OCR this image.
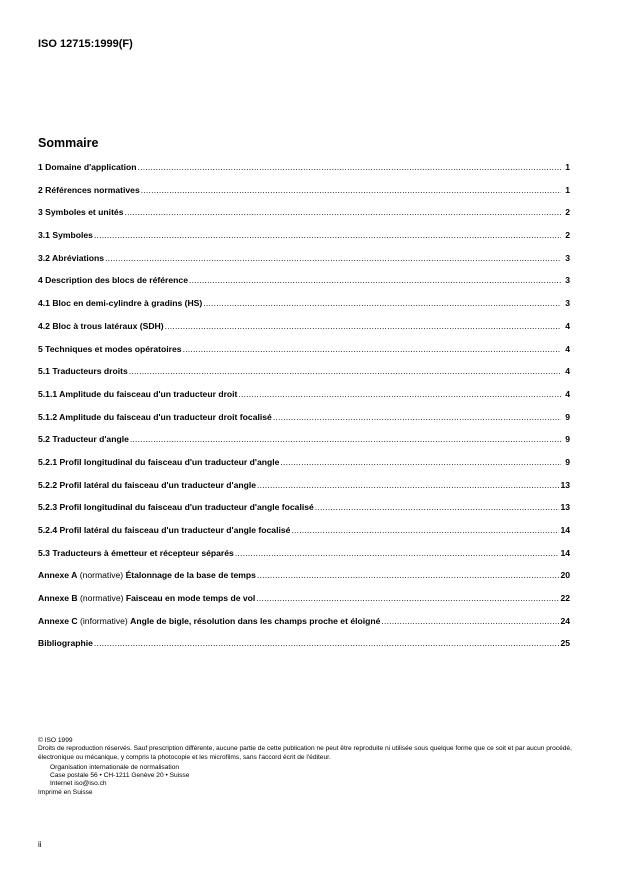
ISO 12715:1999(F)
Sommaire
1 Domaine d'application .....	1
2 Références normatives .....	1
3 Symboles et unités .....	2
3.1 Symboles .....	2
3.2 Abréviations .....	3
4 Description des blocs de référence .....	3
4.1 Bloc en demi-cylindre à gradins (HS) .....	3
4.2 Bloc à trous latéraux (SDH) .....	4
5 Techniques et modes opératoires .....	4
5.1 Traducteurs droits .....	4
5.1.1 Amplitude du faisceau d'un traducteur droit .....	4
5.1.2 Amplitude du faisceau d'un traducteur droit focalisé .....	9
5.2 Traducteur d'angle .....	9
5.2.1 Profil longitudinal du faisceau d'un traducteur d'angle .....	9
5.2.2 Profil latéral du faisceau d'un traducteur d'angle .....	13
5.2.3 Profil longitudinal du faisceau d'un traducteur d'angle focalisé .....	13
5.2.4 Profil latéral du faisceau d'un traducteur d'angle focalisé .....	14
5.3 Traducteurs à émetteur et récepteur séparés .....	14
Annexe A (normative) Étalonnage de la base de temps .....	20
Annexe B (normative) Faisceau en mode temps de vol .....	22
Annexe C (informative) Angle de bigle, résolution dans les champs proche et éloigné .....	24
Bibliographie .....	25
© ISO 1999
Droits de reproduction réservés. Sauf prescription différente, aucune partie de cette publication ne peut être reproduite ni utilisée sous quelque forme que ce soit et par aucun procédé, électronique ou mécanique, y compris la photocopie et les microfilms, sans l'accord écrit de l'éditeur.
Organisation internationale de normalisation
Case postale 56 • CH-1211 Genève 20 • Suisse
Internet iso@iso.ch
Imprimé en Suisse
ii
